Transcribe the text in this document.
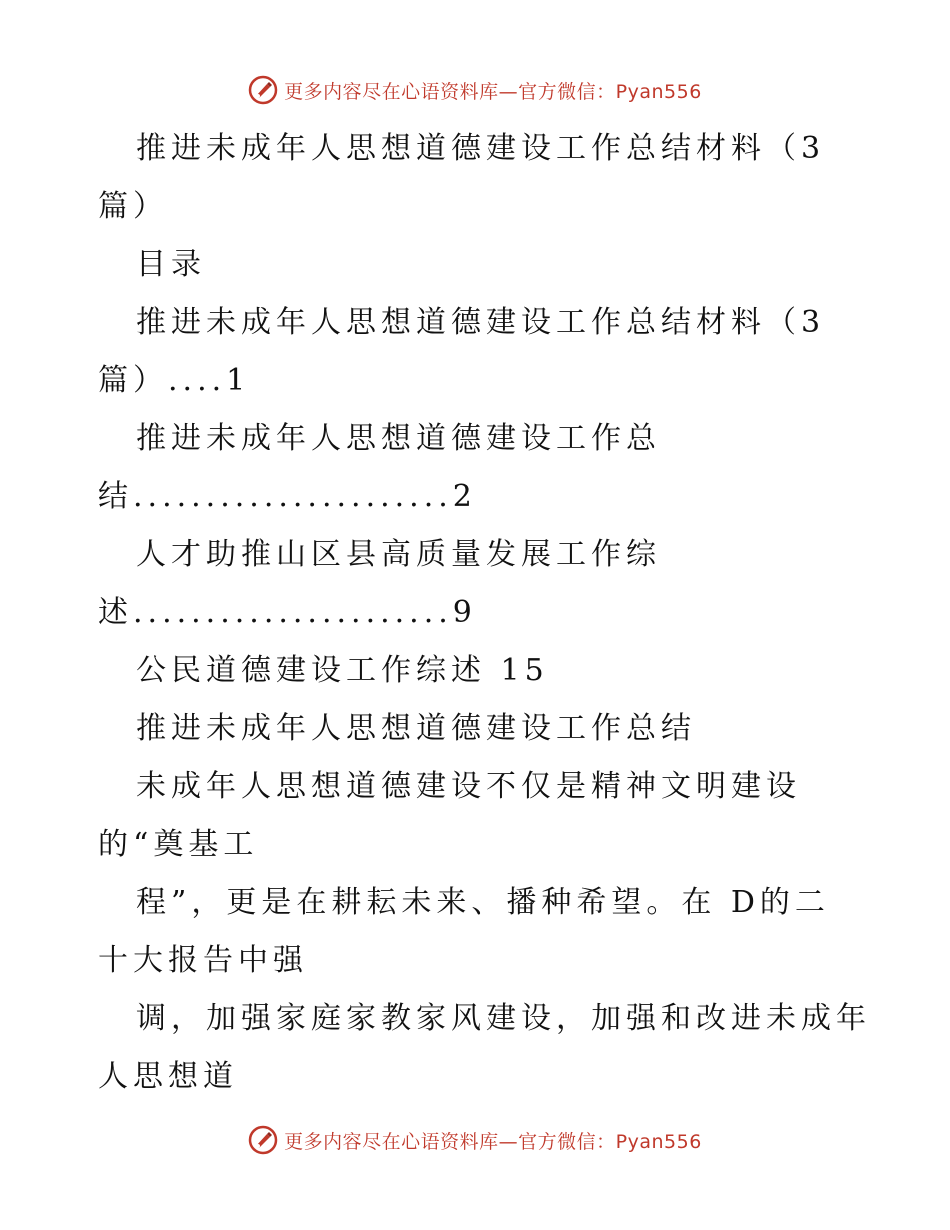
更多内容尽在心语资料库—官方微信：Pyan556
推进未成年人思想道德建设工作总结材料（3
篇）
目录
推进未成年人思想道德建设工作总结材料（3
篇）....1
推进未成年人思想道德建设工作总
结......................2
人才助推山区县高质量发展工作综
述......................9
公民道德建设工作综述 15
推进未成年人思想道德建设工作总结
未成年人思想道德建设不仅是精神文明建设
的“奠基工
程”，更是在耕耘未来、播种希望。在 D的二
十大报告中强
调，加强家庭家教家风建设，加强和改进未成年
人思想道
更多内容尽在心语资料库—官方微信：Pyan556
